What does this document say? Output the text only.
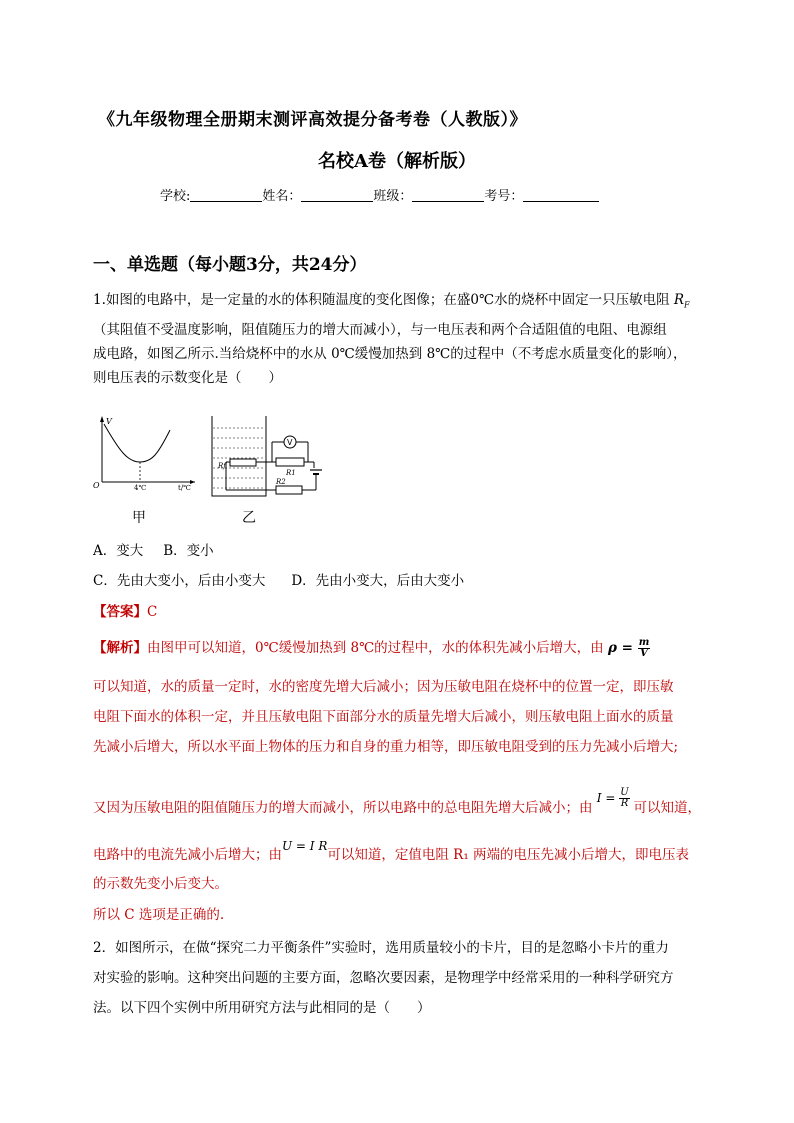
《九年级物理全册期末测评高效提分备考卷（人教版）》
名校A卷（解析版）
学校:	姓名：	班级：	考号：
一、单选题（每小题3分，共24分）
1.如图的电路中，是一定量的水的体积随温度的变化图像；在盛0℃水的烧杯中固定一只压敏电阻 $R_F$
（其阻值不受温度影响，阻值随压力的增大而减小），与一电压表和两个合适阻值的电阻、电源组
成电路，如图乙所示.当给烧杯中的水从 0℃缓慢加热到 8℃的过程中（不考虑水质量变化的影响），
则电压表的示数变化是（　　）
V
O	4℃	t/℃
Rf
R1
V
R2
甲	乙
A．变大 B．变小
C．先由大变小，后由小变大 D．先由小变大，后由大变小
【答案】C
【解析】由图甲可以知道，0℃缓慢加热到 8℃的过程中，水的体积先减小后增大，由 $\rho = \frac{m}{V}$
可以知道，水的质量一定时，水的密度先增大后减小；因为压敏电阻在烧杯中的位置一定，即压敏
电阻下面水的体积一定，并且压敏电阻下面部分水的质量先增大后减小，则压敏电阻上面水的质量
先减小后增大，所以水平面上物体的压力和自身的重力相等，即压敏电阻受到的压力先减小后增大;
又因为压敏电阻的阻值随压力的增大而减小，所以电路中的总电阻先增大后减小；由 $I = \frac{U}{R}$ 可以知道，
电路中的电流先减小后增大；由U = I R可以知道，定值电阻 R₁ 两端的电压先减小后增大，即电压表
的示数先变小后变大。
所以 C 选项是正确的.
2．如图所示，在做“探究二力平衡条件”实验时，选用质量较小的卡片，目的是忽略小卡片的重力
对实验的影响。这种突出问题的主要方面，忽略次要因素，是物理学中经常采用的一种科学研究方
法。以下四个实例中所用研究方法与此相同的是（　　）
